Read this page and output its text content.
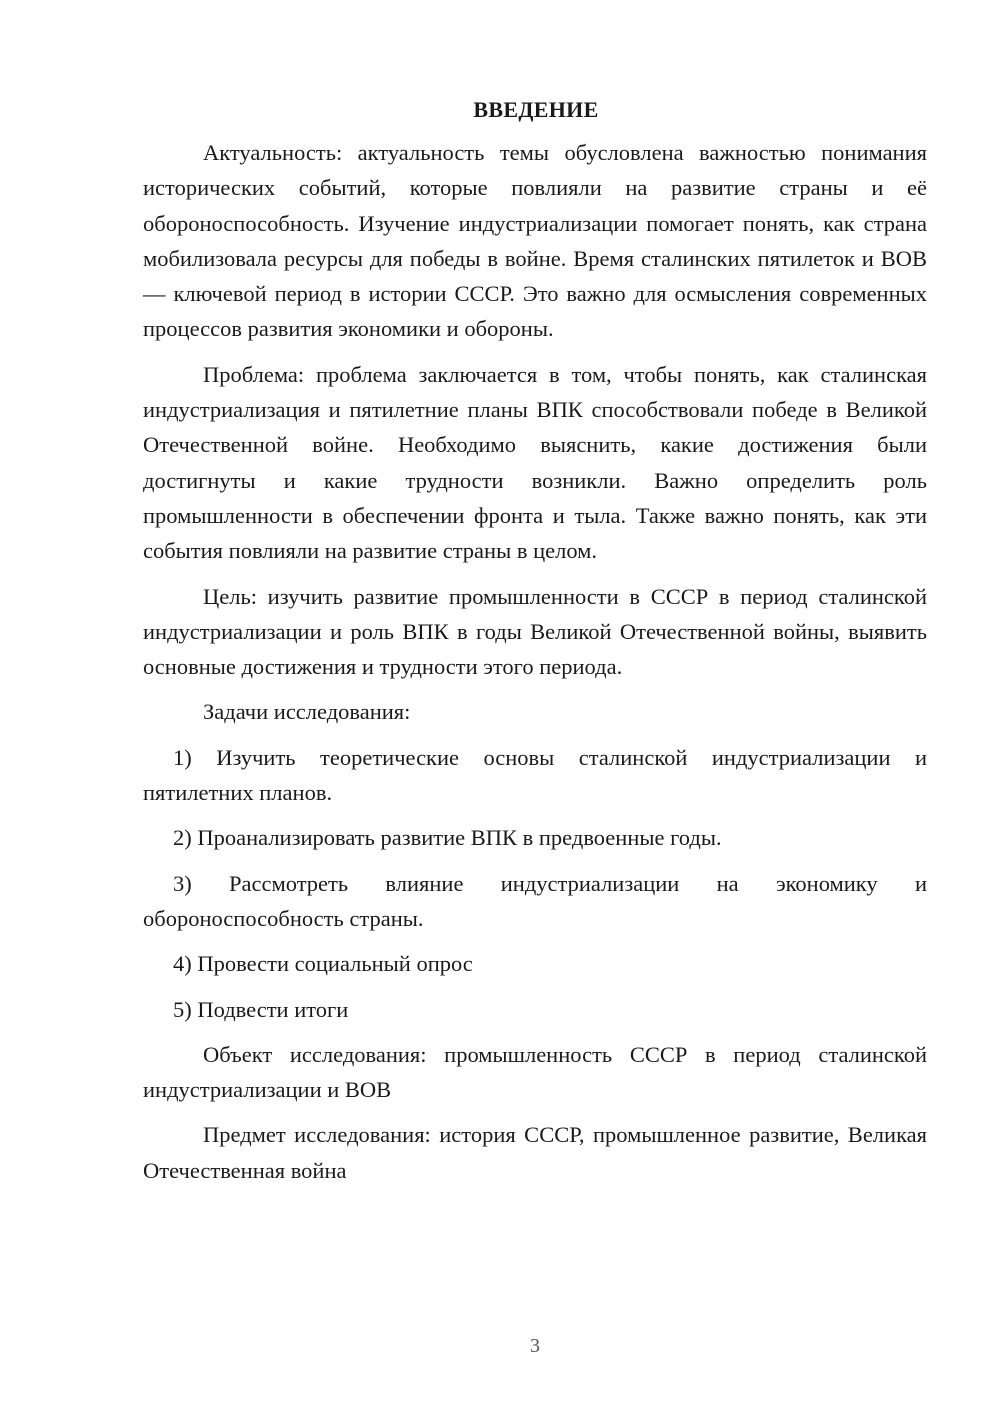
ВВЕДЕНИЕ

Актуальность: актуальность темы обусловлена важностью понимания исторических событий, которые повлияли на развитие страны и её обороноспособность. Изучение индустриализации помогает понять, как страна мобилизовала ресурсы для победы в войне. Время сталинских пятилеток и ВОВ — ключевой период в истории СССР. Это важно для осмысления современных процессов развития экономики и обороны.

Проблема: проблема заключается в том, чтобы понять, как сталинская индустриализация и пятилетние планы ВПК способствовали победе в Великой Отечественной войне. Необходимо выяснить, какие достижения были достигнуты и какие трудности возникли. Важно определить роль промышленности в обеспечении фронта и тыла. Также важно понять, как эти события повлияли на развитие страны в целом.

Цель: изучить развитие промышленности в СССР в период сталинской индустриализации и роль ВПК в годы Великой Отечественной войны, выявить основные достижения и трудности этого периода.

Задачи исследования:

1) Изучить теоретические основы сталинской индустриализации и пятилетних планов.

2) Проанализировать развитие ВПК в предвоенные годы.

3) Рассмотреть влияние индустриализации на экономику и обороноспособность страны.

4) Провести социальный опрос

5) Подвести итоги

Объект исследования: промышленность СССР в период сталинской индустриализации и ВОВ

Предмет исследования: история СССР, промышленное развитие, Великая Отечественная война

3
